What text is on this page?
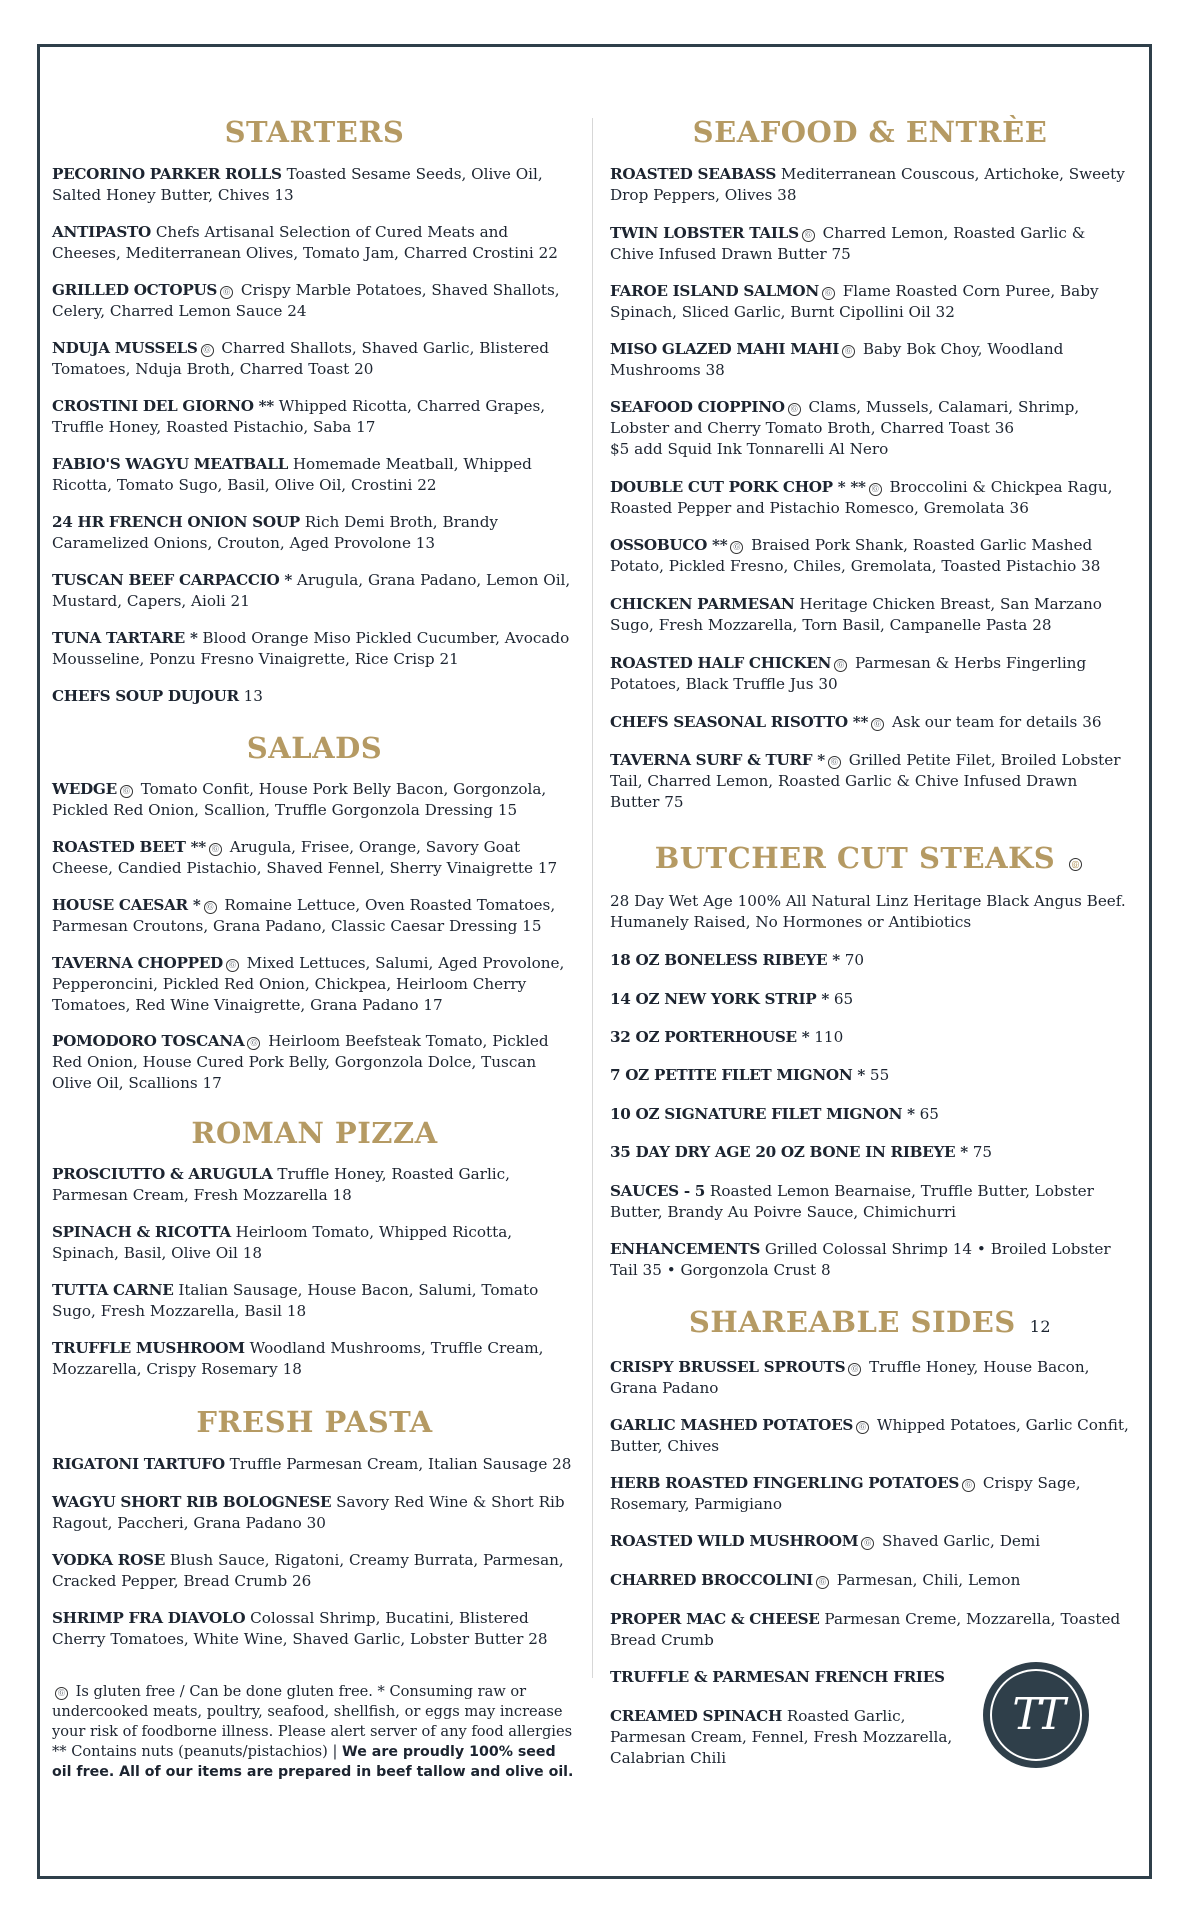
STARTERS

PECORINO PARKER ROLLS Toasted Sesame Seeds, Olive Oil, Salted Honey Butter, Chives 13

ANTIPASTO Chefs Artisanal Selection of Cured Meats and Cheeses, Mediterranean Olives, Tomato Jam, Charred Crostini 22

GRILLED OCTOPUS Ⓖ Crispy Marble Potatoes, Shaved Shallots, Celery, Charred Lemon Sauce 24

NDUJA MUSSELS Ⓖ Charred Shallots, Shaved Garlic, Blistered Tomatoes, Nduja Broth, Charred Toast 20

CROSTINI DEL GIORNO ** Whipped Ricotta, Charred Grapes, Truffle Honey, Roasted Pistachio, Saba 17

FABIO'S WAGYU MEATBALL Homemade Meatball, Whipped Ricotta, Tomato Sugo, Basil, Olive Oil, Crostini 22

24 HR FRENCH ONION SOUP Rich Demi Broth, Brandy Caramelized Onions, Crouton, Aged Provolone 13

TUSCAN BEEF CARPACCIO * Arugula, Grana Padano, Lemon Oil, Mustard, Capers, Aioli 21

TUNA TARTARE * Blood Orange Miso Pickled Cucumber, Avocado Mousseline, Ponzu Fresno Vinaigrette, Rice Crisp 21

CHEFS SOUP DUJOUR 13

SALADS

WEDGE Ⓖ Tomato Confit, House Pork Belly Bacon, Gorgonzola, Pickled Red Onion, Scallion, Truffle Gorgonzola Dressing 15

ROASTED BEET ** Ⓖ Arugula, Frisee, Orange, Savory Goat Cheese, Candied Pistachio, Shaved Fennel, Sherry Vinaigrette 17

HOUSE CAESAR * Ⓖ Romaine Lettuce, Oven Roasted Tomatoes, Parmesan Croutons, Grana Padano, Classic Caesar Dressing 15

TAVERNA CHOPPED Ⓖ Mixed Lettuces, Salumi, Aged Provolone, Pepperoncini, Pickled Red Onion, Chickpea, Heirloom Cherry Tomatoes, Red Wine Vinaigrette, Grana Padano 17

POMODORO TOSCANA Ⓖ Heirloom Beefsteak Tomato, Pickled Red Onion, House Cured Pork Belly, Gorgonzola Dolce, Tuscan Olive Oil, Scallions 17

ROMAN PIZZA

PROSCIUTTO & ARUGULA Truffle Honey, Roasted Garlic, Parmesan Cream, Fresh Mozzarella 18

SPINACH & RICOTTA Heirloom Tomato, Whipped Ricotta, Spinach, Basil, Olive Oil 18

TUTTA CARNE Italian Sausage, House Bacon, Salumi, Tomato Sugo, Fresh Mozzarella, Basil 18

TRUFFLE MUSHROOM Woodland Mushrooms, Truffle Cream, Mozzarella, Crispy Rosemary 18

FRESH PASTA

RIGATONI TARTUFO Truffle Parmesan Cream, Italian Sausage 28

WAGYU SHORT RIB BOLOGNESE Savory Red Wine & Short Rib Ragout, Paccheri, Grana Padano 30

VODKA ROSE Blush Sauce, Rigatoni, Creamy Burrata, Parmesan, Cracked Pepper, Bread Crumb 26

SHRIMP FRA DIAVOLO Colossal Shrimp, Bucatini, Blistered Cherry Tomatoes, White Wine, Shaved Garlic, Lobster Butter 28

Ⓖ Is gluten free / Can be done gluten free. * Consuming raw or undercooked meats, poultry, seafood, shellfish, or eggs may increase your risk of foodborne illness. Please alert server of any food allergies ** Contains nuts (peanuts/pistachios) | We are proudly 100% seed oil free. All of our items are prepared in beef tallow and olive oil.
SEAFOOD & ENTRÈE

ROASTED SEABASS Mediterranean Couscous, Artichoke, Sweety Drop Peppers, Olives 38

TWIN LOBSTER TAILS Ⓖ Charred Lemon, Roasted Garlic & Chive Infused Drawn Butter 75

FAROE ISLAND SALMON Ⓖ Flame Roasted Corn Puree, Baby Spinach, Sliced Garlic, Burnt Cipollini Oil 32

MISO GLAZED MAHI MAHI Ⓖ Baby Bok Choy, Woodland Mushrooms 38

SEAFOOD CIOPPINO Ⓖ Clams, Mussels, Calamari, Shrimp, Lobster and Cherry Tomato Broth, Charred Toast 36
$5 add Squid Ink Tonnarelli Al Nero

DOUBLE CUT PORK CHOP * ** Ⓖ Broccolini & Chickpea Ragu, Roasted Pepper and Pistachio Romesco, Gremolata 36

OSSOBUCO ** Ⓖ Braised Pork Shank, Roasted Garlic Mashed Potato, Pickled Fresno, Chiles, Gremolata, Toasted Pistachio 38

CHICKEN PARMESAN Heritage Chicken Breast, San Marzano Sugo, Fresh Mozzarella, Torn Basil, Campanelle Pasta 28

ROASTED HALF CHICKEN Ⓖ Parmesan & Herbs Fingerling Potatoes, Black Truffle Jus 30

CHEFS SEASONAL RISOTTO ** Ⓖ Ask our team for details 36

TAVERNA SURF & TURF * Ⓖ Grilled Petite Filet, Broiled Lobster Tail, Charred Lemon, Roasted Garlic & Chive Infused Drawn Butter 75

BUTCHER CUT STEAKS Ⓖ

28 Day Wet Age 100% All Natural Linz Heritage Black Angus Beef. Humanely Raised, No Hormones or Antibiotics

18 OZ BONELESS RIBEYE * 70

14 OZ NEW YORK STRIP * 65

32 OZ PORTERHOUSE * 110

7 OZ PETITE FILET MIGNON * 55

10 OZ SIGNATURE FILET MIGNON * 65

35 DAY DRY AGE 20 OZ BONE IN RIBEYE * 75

SAUCES - 5 Roasted Lemon Bearnaise, Truffle Butter, Lobster Butter, Brandy Au Poivre Sauce, Chimichurri

ENHANCEMENTS Grilled Colossal Shrimp 14 • Broiled Lobster Tail 35 • Gorgonzola Crust 8

SHAREABLE SIDES 12

CRISPY BRUSSEL SPROUTS Ⓖ Truffle Honey, House Bacon, Grana Padano

GARLIC MASHED POTATOES Ⓖ Whipped Potatoes, Garlic Confit, Butter, Chives

HERB ROASTED FINGERLING POTATOES Ⓖ Crispy Sage, Rosemary, Parmigiano

ROASTED WILD MUSHROOM Ⓖ Shaved Garlic, Demi

CHARRED BROCCOLINI Ⓖ Parmesan, Chili, Lemon

PROPER MAC & CHEESE Parmesan Creme, Mozzarella, Toasted Bread Crumb

TRUFFLE & PARMESAN FRENCH FRIES

CREAMED SPINACH Roasted Garlic, Parmesan Cream, Fennel, Fresh Mozzarella, Calabrian Chili

TT
